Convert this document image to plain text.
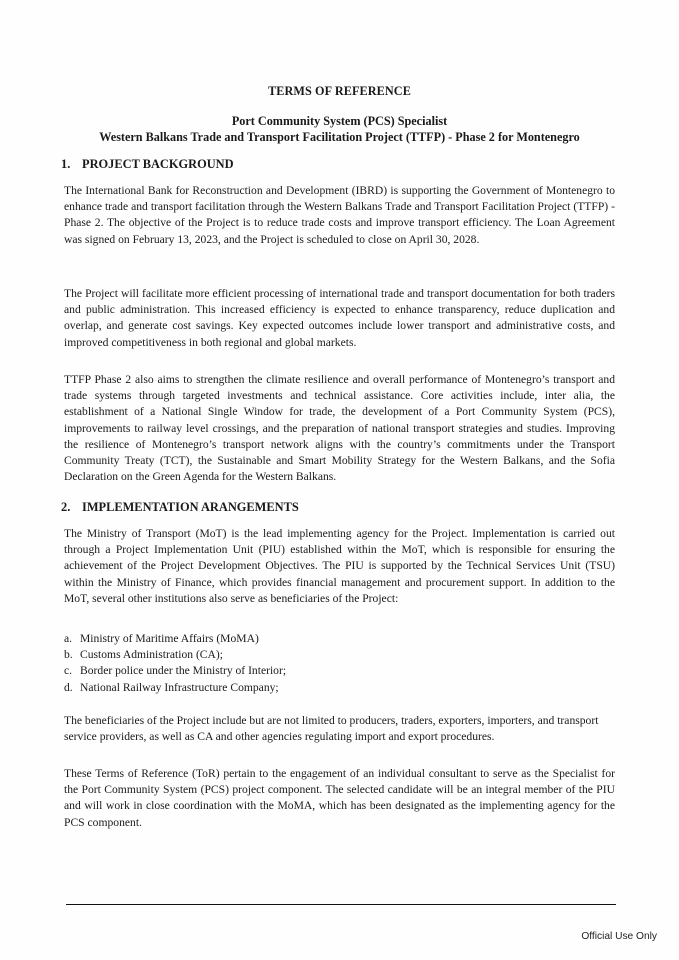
TERMS OF REFERENCE
Port Community System (PCS) Specialist
Western Balkans Trade and Transport Facilitation Project (TTFP) - Phase 2 for Montenegro
1. PROJECT BACKGROUND

The International Bank for Reconstruction and Development (IBRD) is supporting the Government of Montenegro to enhance trade and transport facilitation through the Western Balkans Trade and Transport Facilitation Project (TTFP) - Phase 2. The objective of the Project is to reduce trade costs and improve transport efficiency. The Loan Agreement was signed on February 13, 2023, and the Project is scheduled to close on April 30, 2028.

The Project will facilitate more efficient processing of international trade and transport documentation for both traders and public administration. This increased efficiency is expected to enhance transparency, reduce duplication and overlap, and generate cost savings. Key expected outcomes include lower transport and administrative costs, and improved competitiveness in both regional and global markets.

TTFP Phase 2 also aims to strengthen the climate resilience and overall performance of Montenegro’s transport and trade systems through targeted investments and technical assistance. Core activities include, inter alia, the establishment of a National Single Window for trade, the development of a Port Community System (PCS), improvements to railway level crossings, and the preparation of national transport strategies and studies. Improving the resilience of Montenegro’s transport network aligns with the country’s commitments under the Transport Community Treaty (TCT), the Sustainable and Smart Mobility Strategy for the Western Balkans, and the Sofia Declaration on the Green Agenda for the Western Balkans.

2. IMPLEMENTATION ARANGEMENTS

The Ministry of Transport (MoT) is the lead implementing agency for the Project. Implementation is carried out through a Project Implementation Unit (PIU) established within the MoT, which is responsible for ensuring the achievement of the Project Development Objectives. The PIU is supported by the Technical Services Unit (TSU) within the Ministry of Finance, which provides financial management and procurement support. In addition to the MoT, several other institutions also serve as beneficiaries of the Project:

a. Ministry of Maritime Affairs (MoMA)
b. Customs Administration (CA);
c. Border police under the Ministry of Interior;
d. National Railway Infrastructure Company;

The beneficiaries of the Project include but are not limited to producers, traders, exporters, importers, and transport service providers, as well as CA and other agencies regulating import and export procedures.

These Terms of Reference (ToR) pertain to the engagement of an individual consultant to serve as the Specialist for the Port Community System (PCS) project component. The selected candidate will be an integral member of the PIU and will work in close coordination with the MoMA, which has been designated as the implementing agency for the PCS component.

Official Use Only
